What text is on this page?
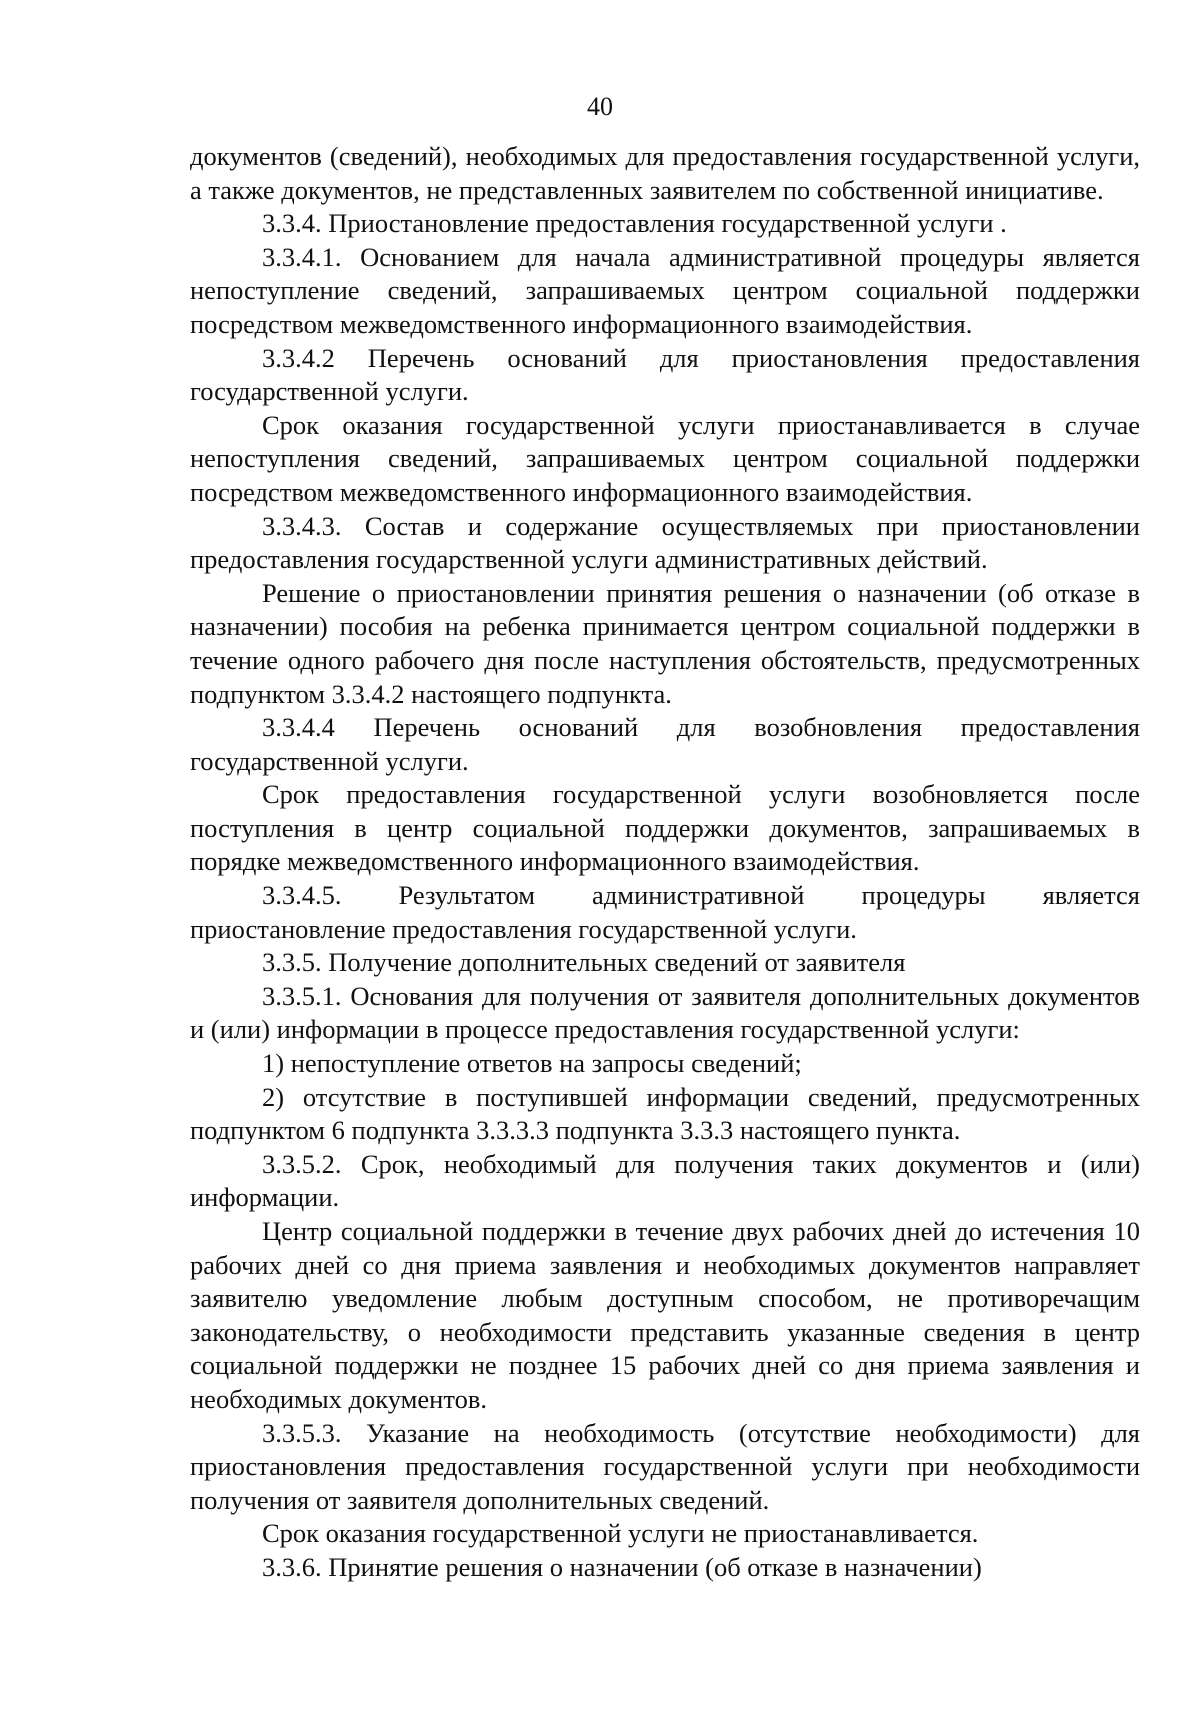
40

документов (сведений), необходимых для предоставления государственной услуги, а также документов, не представленных заявителем по собственной инициативе.

3.3.4. Приостановление предоставления государственной услуги .

3.3.4.1. Основанием для начала административной процедуры является непоступление сведений, запрашиваемых центром социальной поддержки посредством межведомственного информационного взаимодействия.

3.3.4.2 Перечень оснований для приостановления предоставления государственной услуги.

Срок оказания государственной услуги приостанавливается в случае непоступления сведений, запрашиваемых центром социальной поддержки посредством межведомственного информационного взаимодействия.

3.3.4.3. Состав и содержание осуществляемых при приостановлении предоставления государственной услуги административных действий.

Решение о приостановлении принятия решения о назначении (об отказе в назначении) пособия на ребенка принимается центром социальной поддержки в течение одного рабочего дня после наступления обстоятельств, предусмотренных подпунктом 3.3.4.2 настоящего подпункта.

3.3.4.4 Перечень оснований для возобновления предоставления государственной услуги.

Срок предоставления государственной услуги возобновляется после поступления в центр социальной поддержки документов, запрашиваемых в порядке межведомственного информационного взаимодействия.

3.3.4.5. Результатом административной процедуры является приостановление предоставления государственной услуги.

3.3.5. Получение дополнительных сведений от заявителя

3.3.5.1. Основания для получения от заявителя дополнительных документов и (или) информации в процессе предоставления государственной услуги:

1) непоступление ответов на запросы сведений;

2) отсутствие в поступившей информации сведений, предусмотренных подпунктом 6 подпункта 3.3.3.3 подпункта 3.3.3 настоящего пункта.

3.3.5.2. Срок, необходимый для получения таких документов и (или) информации.

Центр социальной поддержки в течение двух рабочих дней до истечения 10 рабочих дней со дня приема заявления и необходимых документов направляет заявителю уведомление любым доступным способом, не противоречащим законодательству, о необходимости представить указанные сведения в центр социальной поддержки не позднее 15 рабочих дней со дня приема заявления и необходимых документов.

3.3.5.3. Указание на необходимость (отсутствие необходимости) для приостановления предоставления государственной услуги при необходимости получения от заявителя дополнительных сведений.

Срок оказания государственной услуги не приостанавливается.

3.3.6. Принятие решения о назначении (об отказе в назначении)
